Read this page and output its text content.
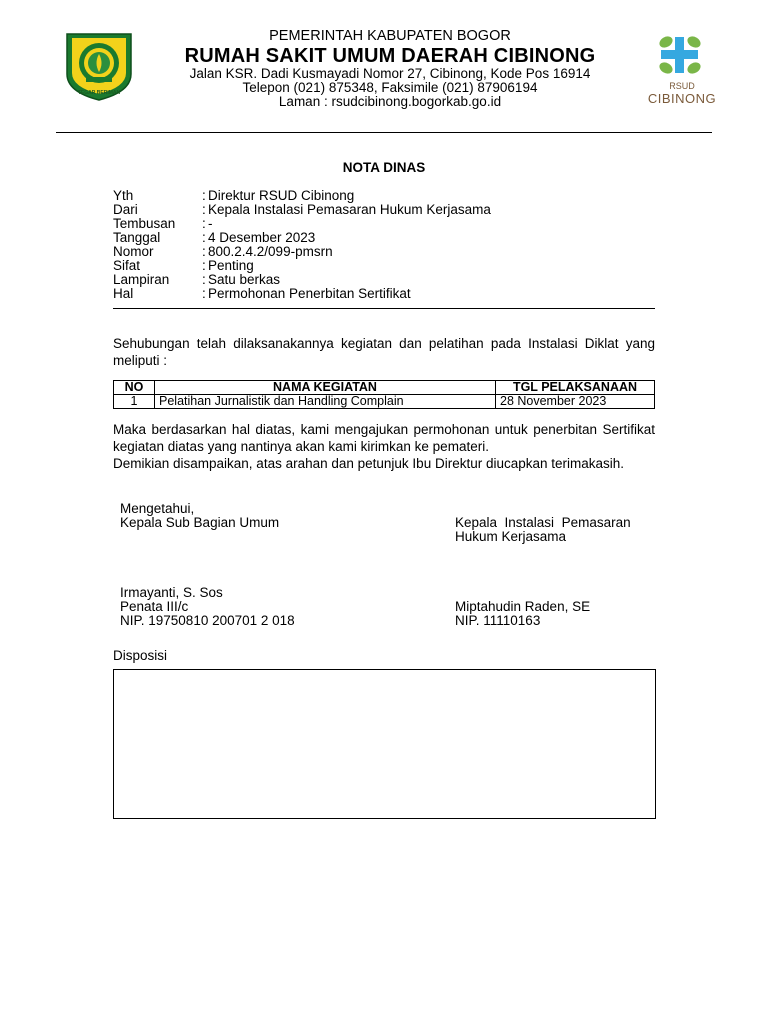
TEGAR BERIMAN
RSUD
CIBINONG
PEMERINTAH KABUPATEN BOGOR
RUMAH SAKIT UMUM DAERAH CIBINONG
Jalan KSR. Dadi Kusmayadi Nomor 27, Cibinong, Kode Pos 16914
Telepon (021) 875348, Faksimile (021) 87906194
Laman : rsudcibinong.bogorkab.go.id
NOTA DINAS
Yth	: Direktur RSUD Cibinong
Dari	: Kepala Instalasi Pemasaran Hukum Kerjasama
Tembusan	: -
Tanggal	: 4 Desember 2023
Nomor	: 800.2.4.2/099-pmsrn
Sifat	: Penting
Lampiran	: Satu berkas
Hal	: Permohonan Penerbitan Sertifikat
Sehubungan telah dilaksanakannya kegiatan dan pelatihan pada Instalasi Diklat yang meliputi :
NO	NAMA KEGIATAN	TGL PELAKSANAAN
1	Pelatihan Jurnalistik dan Handling Complain	28 November 2023
Maka berdasarkan hal diatas, kami mengajukan permohonan untuk penerbitan Sertifikat kegiatan diatas yang nantinya akan kami kirimkan ke pemateri.
Demikian disampaikan, atas arahan dan petunjuk Ibu Direktur diucapkan terimakasih.
Mengetahui,
Kepala Sub Bagian Umum
Irmayanti, S. Sos
Penata III/c
NIP. 19750810 200701 2 018
Kepala  Instalasi  Pemasaran
Hukum Kerjasama
Miptahudin Raden, SE
NIP. 11110163
Disposisi
